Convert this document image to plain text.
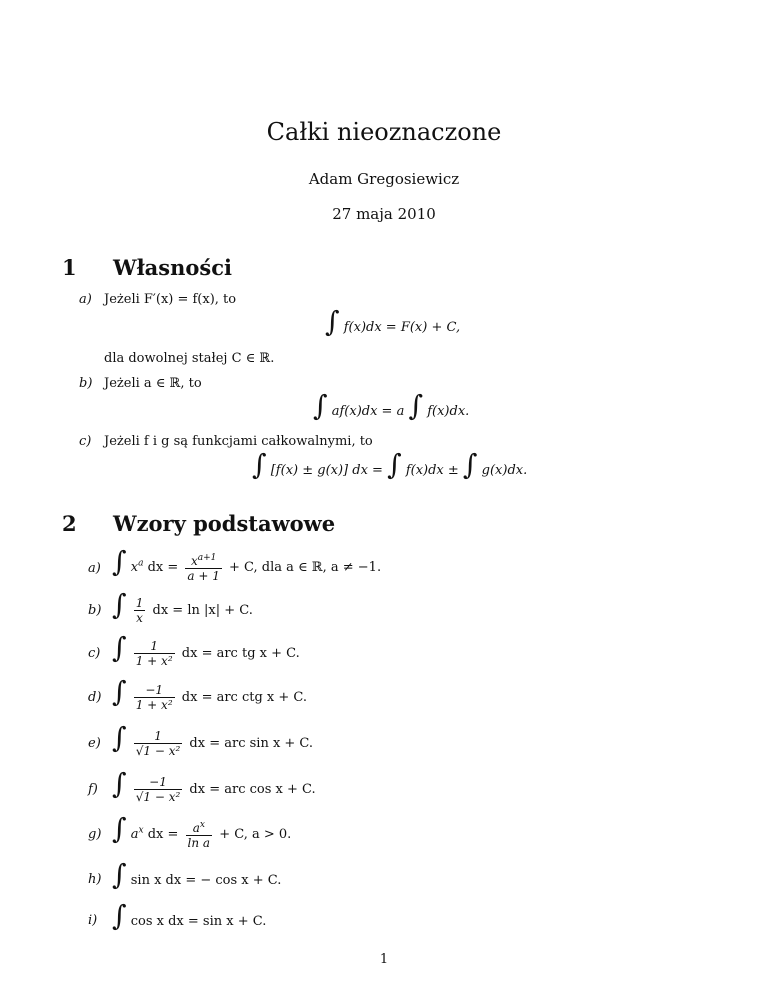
Całki nieoznaczone
Adam Gregosiewicz
27 maja 2010
1 Własności
a) Jeżeli F′(x) = f(x), to
∫ f(x)dx = F(x) + C,
dla dowolnej stałej C ∈ ℝ.
b) Jeżeli a ∈ ℝ, to
∫ af(x)dx = a ∫ f(x)dx.
c) Jeżeli f i g są funkcjami całkowalnymi, to
∫ [f(x) ± g(x)] dx = ∫ f(x)dx ± ∫ g(x)dx.
2 Wzory podstawowe
a) ∫ $x^a$ dx = $\frac{x^{a+1}}{a + 1} + C$, dla a ∈ ℝ, a ≠ −1.
b) ∫ $\frac{1}{x}$ dx = ln |x| + C.
c) ∫ $\frac{1}{\text{1 + x²}}$ dx = arc tg x + C.
d) ∫ $\frac{-1}{\text{1 + x²}}$ dx = arc ctg x + C.
e) ∫ $\frac{1}{\text{√1 − x²}}$ dx = arc sin x + C.
f) ∫ $\frac{-1}{\text{√1 − x²}}$ dx = arc cos x + C.
g) ∫ $a^x$ dx = $\frac{a^x}{\text{ln a}} + C$, a > 0.
h) ∫ sin x dx = − cos x + C.
i) ∫ cos x dx = sin x + C.
1
